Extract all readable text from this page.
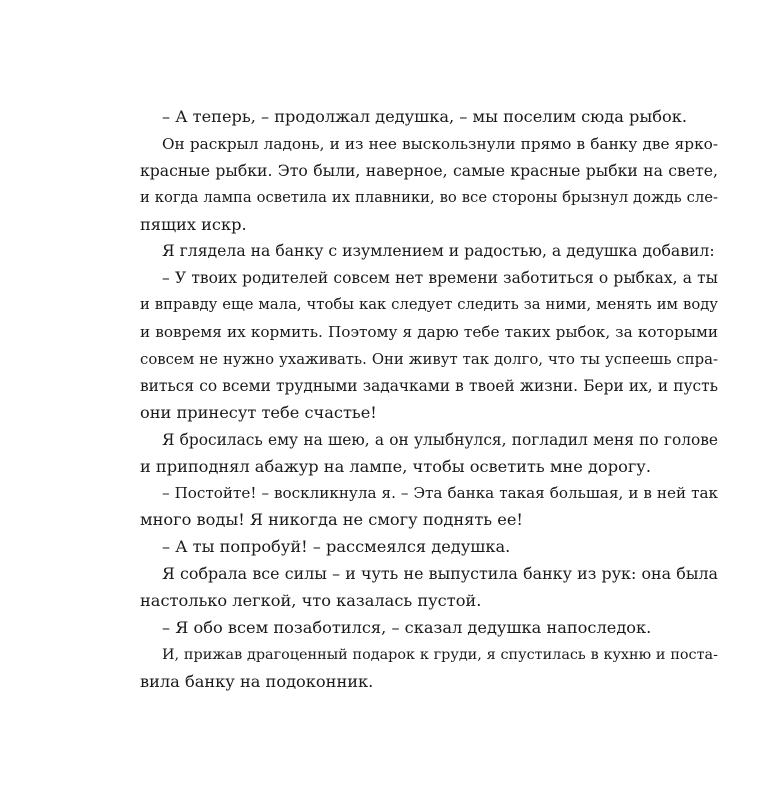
– А теперь, – продолжал дедушка, – мы поселим сюда рыбок.
Он раскрыл ладонь, и из нее выскользнули прямо в банку две ярко-
красные рыбки. Это были, наверное, самые красные рыбки на свете,
и когда лампа осветила их плавники, во все стороны брызнул дождь сле-
пящих искр.
Я глядела на банку с изумлением и радостью, а дедушка добавил:
– У твоих родителей совсем нет времени заботиться о рыбках, а ты
и вправду еще мала, чтобы как следует следить за ними, менять им воду
и вовремя их кормить. Поэтому я дарю тебе таких рыбок, за которыми
совсем не нужно ухаживать. Они живут так долго, что ты успеешь спра-
виться со всеми трудными задачками в твоей жизни. Бери их, и пусть
они принесут тебе счастье!
Я бросилась ему на шею, а он улыбнулся, погладил меня по голове
и приподнял абажур на лампе, чтобы осветить мне дорогу.
– Постойте! – воскликнула я. – Эта банка такая большая, и в ней так
много воды! Я никогда не смогу поднять ее!
– А ты попробуй! – рассмеялся дедушка.
Я собрала все силы – и чуть не выпустила банку из рук: она была
настолько легкой, что казалась пустой.
– Я обо всем позаботился, – сказал дедушка напоследок.
И, прижав драгоценный подарок к груди, я спустилась в кухню и поста-
вила банку на подоконник.
